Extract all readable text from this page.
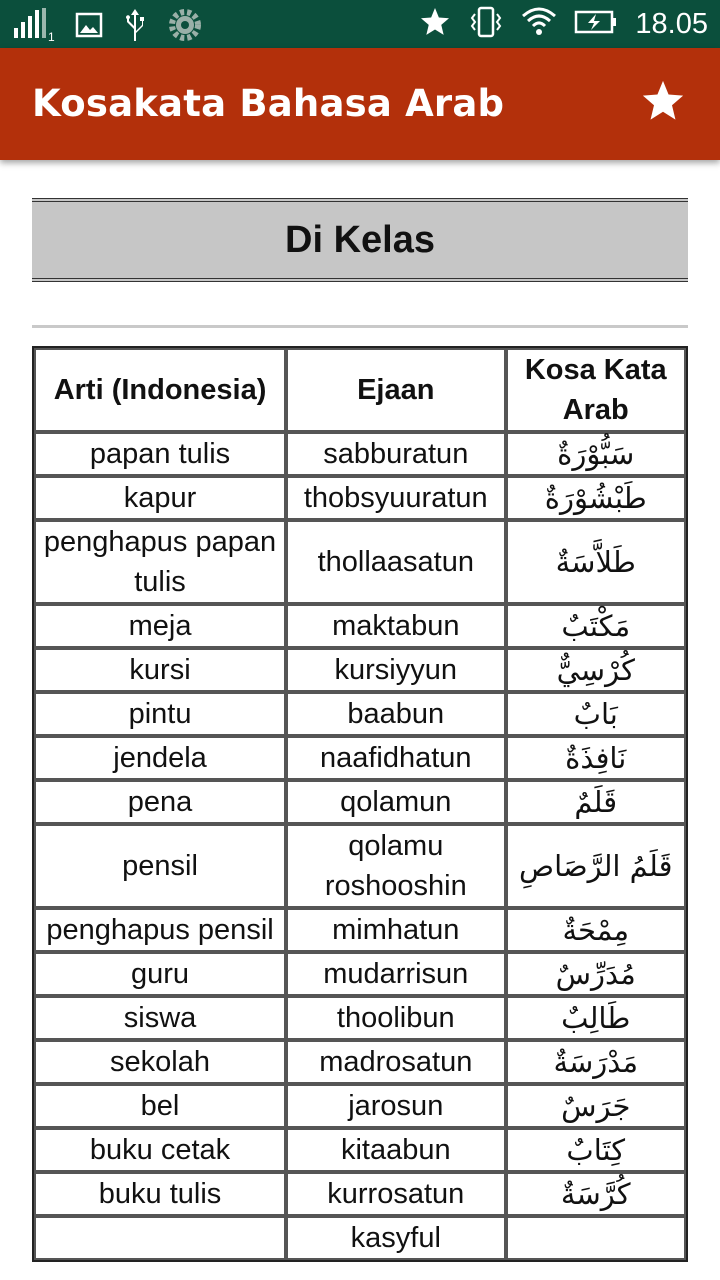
1	18.05
Kosakata Bahasa Arab
Di Kelas
Arti (Indonesia)	Ejaan	Kosa Kata Arab
papan tulis	sabburatun	سَبُّوْرَةٌ
kapur	thobsyuuratun	طَبْشُوْرَةٌ
penghapus papan tulis	thollaasatun	طَلاَّسَةٌ
meja	maktabun	مَكْتَبٌ
kursi	kursiyyun	كُرْسِيٌّ
pintu	baabun	بَابٌ
jendela	naafidhatun	نَافِذَةٌ
pena	qolamun	قَلَمٌ
pensil	qolamu roshooshin	قَلَمُ الرَّصَاصِ
penghapus pensil	mimhatun	مِمْحَةٌ
guru	mudarrisun	مُدَرِّسٌ
siswa	thoolibun	طَالِبٌ
sekolah	madrosatun	مَدْرَسَةٌ
bel	jarosun	جَرَسٌ
buku cetak	kitaabun	كِتَابٌ
buku tulis	kurrosatun	كُرَّسَةٌ
	kasyful	
